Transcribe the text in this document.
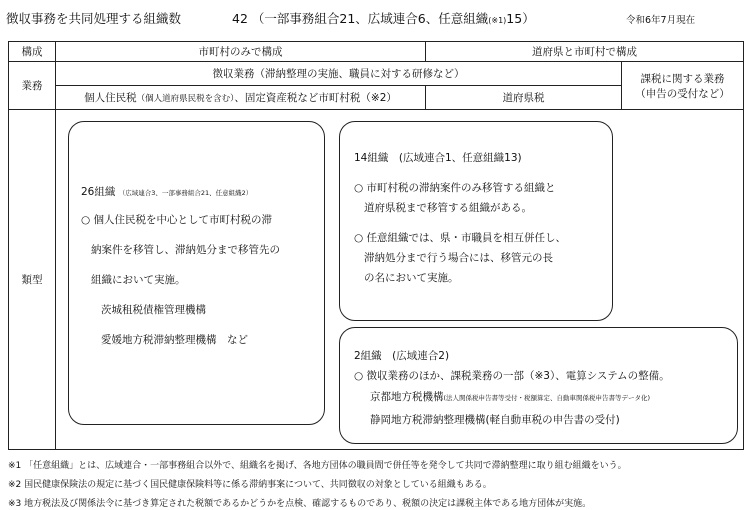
徴収事務を共同処理する組織数	42 （一部事務組合21、広域連合6、任意組織(※1)15）	令和6年7月現在
構成	市町村のみで構成	道府県と市町村で構成	
業務	徴収業務（滞納整理の実施、職員に対する研修など）		課税に関する業務
（申告の受付など）

	個人住民税（個人道府県民税を含む）、固定資産税など市町村税（※2）	道府県税	
類型			
26組織 （広域連合3、一部事務組合21、任意組織2）
○ 個人住民税を中心として市町村税の滞
納案件を移管し、滞納処分まで移管先の
組織において実施。
茨城租税債権管理機構
愛媛地方税滞納整理機構　など
14組織　(広域連合1、任意組織13)
○ 市町村税の滞納案件のみ移管する組織と
道府県税まで移管する組織がある。
○ 任意組織では、県・市職員を相互併任し、
滞納処分まで行う場合には、移管元の長
の名において実施。
2組織　(広域連合2)
○ 徴収業務のほか、課税業務の一部（※3）、電算システムの整備。
京都地方税機構(法人関係税申告書等受付・税額算定、自動車関係税申告書等データ化)
静岡地方税滞納整理機構(軽自動車税の申告書の受付)
※1 「任意組織」とは、広域連合・一部事務組合以外で、組織名を掲げ、各地方団体の職員間で併任等を発令して共同で滞納整理に取り組む組織をいう。
※2 国民健康保険法の規定に基づく国民健康保険料等に係る滞納事案について、共同徴収の対象としている組織もある。
※3 地方税法及び関係法令に基づき算定された税額であるかどうかを点検、確認するものであり、税額の決定は課税主体である地方団体が実施。
